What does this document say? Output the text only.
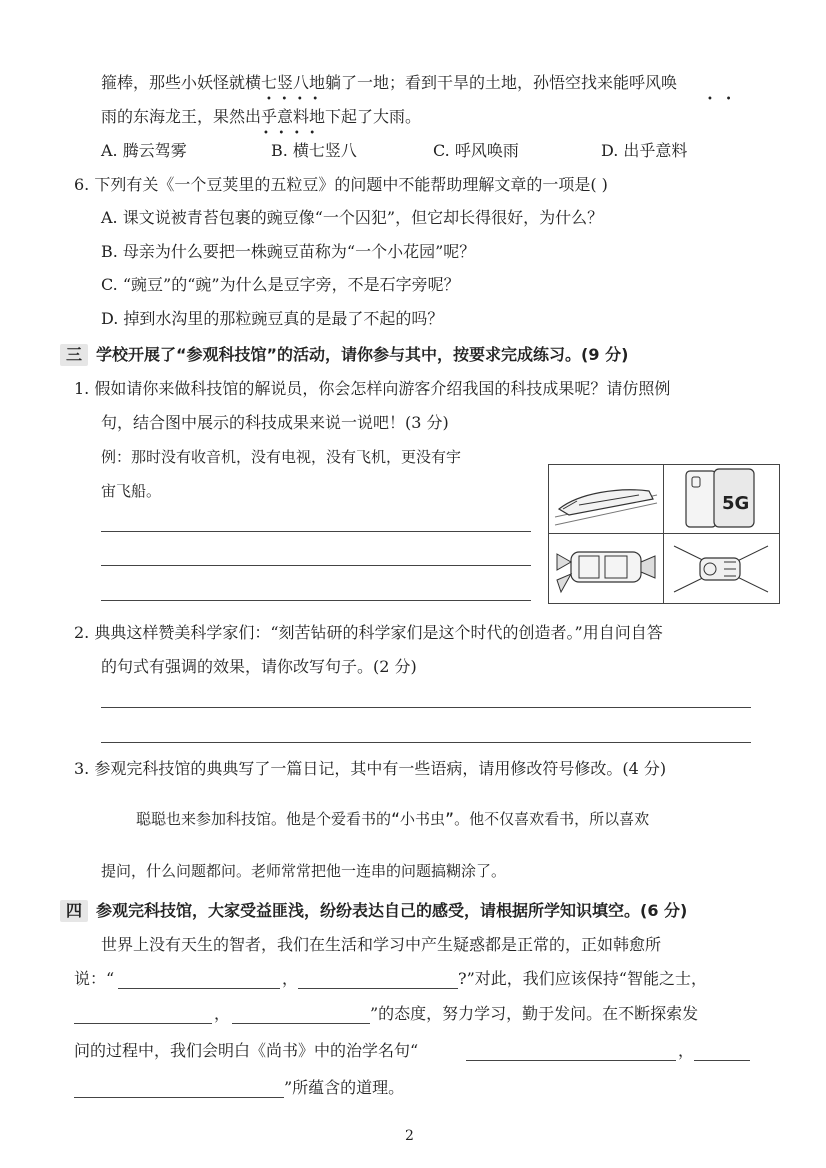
箍棒，那些小妖怪就横七竖八地躺了一地；看到干旱的土地，孙悟空找来能呼风唤
•    •
•   •   •   •
雨的东海龙王，果然出乎意料地下起了大雨。
•   •   •   •
A. 腾云驾雾	B. 横七竖八	C. 呼风唤雨	D. 出乎意料
6. 下列有关《一个豆荚里的五粒豆》的问题中不能帮助理解文章的一项是( )
A. 课文说被青苔包裹的豌豆像“一个囚犯”，但它却长得很好，为什么？
B. 母亲为什么要把一株豌豆苗称为“一个小花园”呢？
C. “豌豆”的“豌”为什么是豆字旁，不是石字旁呢？
D. 掉到水沟里的那粒豌豆真的是最了不起的吗？
三 学校开展了“参观科技馆”的活动，请你参与其中，按要求完成练习。(9 分)
1. 假如请你来做科技馆的解说员，你会怎样向游客介绍我国的科技成果呢？请仿照例
句，结合图中展示的科技成果来说一说吧！(3 分)
例：那时没有收音机，没有电视，没有飞机，更没有宇
宙飞船。
5G
2. 典典这样赞美科学家们：“刻苦钻研的科学家们是这个时代的创造者。”用自问自答
的句式有强调的效果，请你改写句子。(2 分)
3. 参观完科技馆的典典写了一篇日记，其中有一些语病，请用修改符号修改。(4 分)
聪聪也来参加科技馆。他是个爱看书的“小书虫”。他不仅喜欢看书，所以喜欢
提问，什么问题都问。老师常常把他一连串的问题搞糊涂了。
四 参观完科技馆，大家受益匪浅，纷纷表达自己的感受，请根据所学知识填空。(6 分)
世界上没有天生的智者，我们在生活和学习中产生疑惑都是正常的，正如韩愈所
说：“	，	?”对此，我们应该保持“智能之士，
，	”的态度，努力学习，勤于发问。在不断探索发
问的过程中，我们会明白《尚书》中的治学名句“	，
”所蕴含的道理。
2
